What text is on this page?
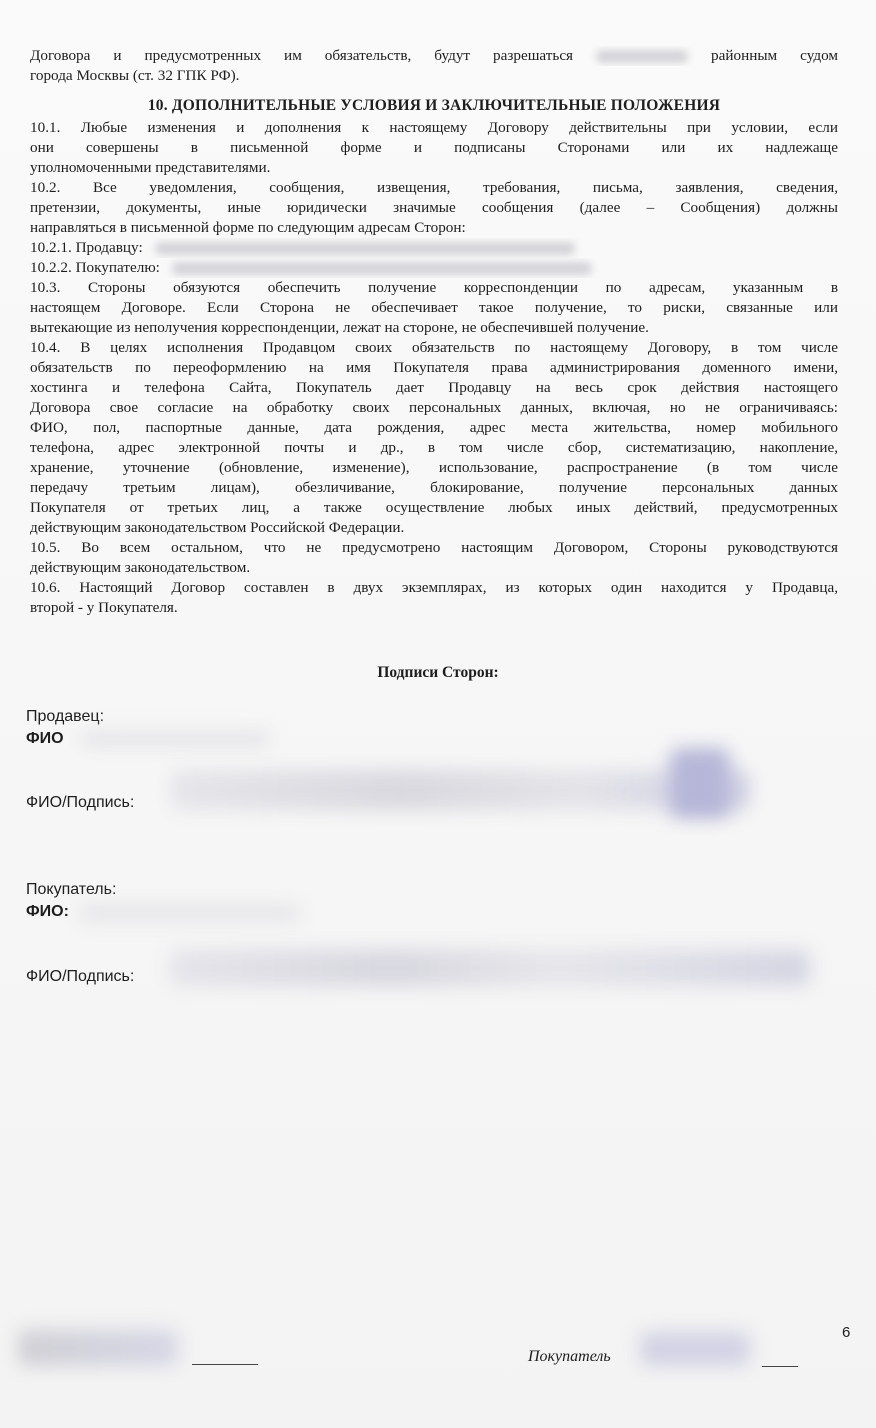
Договора и предусмотренных им обязательств, будут разрешаться	районным судом
города Москвы (ст. 32 ГПК РФ).
10. ДОПОЛНИТЕЛЬНЫЕ УСЛОВИЯ И ЗАКЛЮЧИТЕЛЬНЫЕ ПОЛОЖЕНИЯ
10.1. Любые изменения и дополнения к настоящему Договору действительны при условии, если
они совершены в письменной форме и подписаны Сторонами или их надлежаще
уполномоченными представителями.
10.2. Все уведомления, сообщения, извещения, требования, письма, заявления, сведения,
претензии, документы, иные юридически значимые сообщения (далее – Сообщения) должны
направляться в письменной форме по следующим адресам Сторон:
10.2.1. Продавцу:
10.2.2. Покупателю:
10.3. Стороны обязуются обеспечить получение корреспонденции по адресам, указанным в
настоящем Договоре. Если Сторона не обеспечивает такое получение, то риски, связанные или
вытекающие из неполучения корреспонденции, лежат на стороне, не обеспечившей получение.
10.4. В целях исполнения Продавцом своих обязательств по настоящему Договору, в том числе
обязательств по переоформлению на имя Покупателя права администрирования доменного имени,
хостинга и телефона Сайта, Покупатель дает Продавцу на весь срок действия настоящего
Договора свое согласие на обработку своих персональных данных, включая, но не ограничиваясь:
ФИО, пол, паспортные данные, дата рождения, адрес места жительства, номер мобильного
телефона, адрес электронной почты и др., в том числе сбор, систематизацию, накопление,
хранение, уточнение (обновление, изменение), использование, распространение (в том числе
передачу третьим лицам), обезличивание, блокирование, получение персональных данных
Покупателя от третьих лиц, а также осуществление любых иных действий, предусмотренных
действующим законодательством Российской Федерации.
10.5. Во всем остальном, что не предусмотрено настоящим Договором, Стороны руководствуются
действующим законодательством.
10.6. Настоящий Договор составлен в двух экземплярах, из которых один находится у Продавца,
второй - у Покупателя.
Подписи Сторон:
Продавец:
ФИО
ФИО/Подпись:
Покупатель:
ФИО:
ФИО/Подпись:
6
Покупатель
